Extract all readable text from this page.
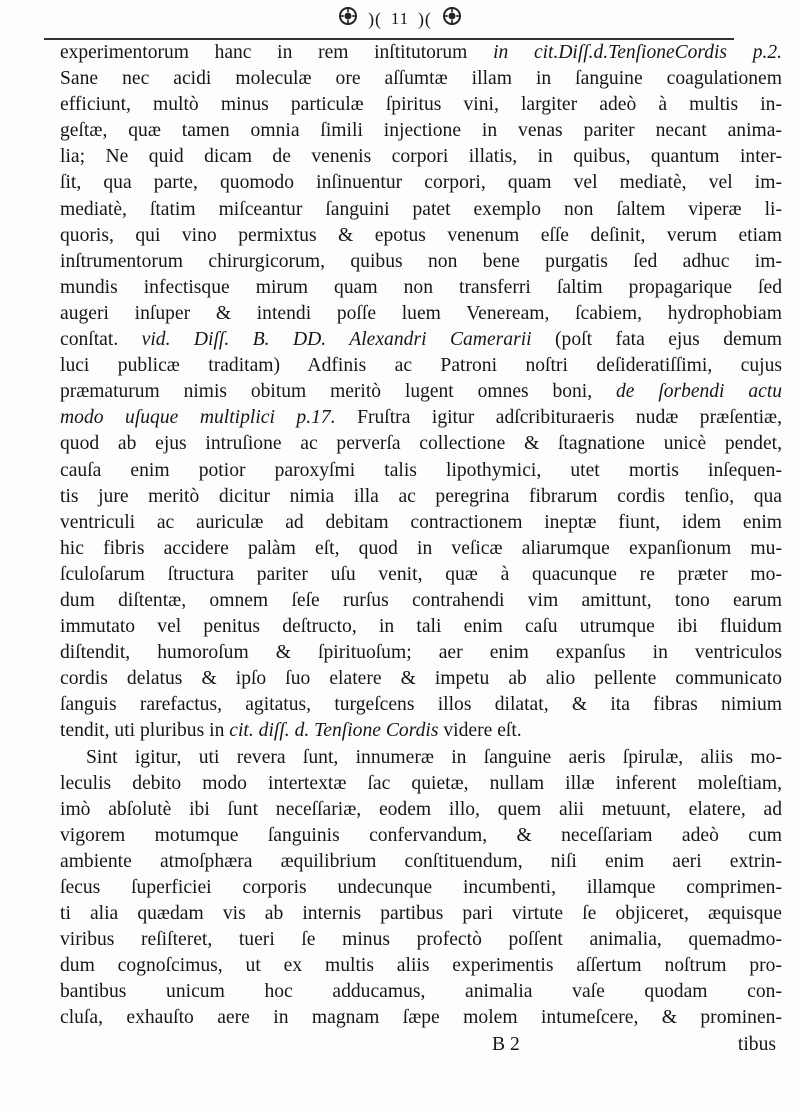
)( 11 )(
experimentorum hanc in rem inſtitutorum in cit.Diſſ.d.TenſioneCordis p.2.
Sane nec acidi moleculæ ore aſſumtæ illam in ſanguine coagulationem
efficiunt, multò minus particulæ ſpiritus vini, largiter adeò à multis in-
geſtæ, quæ tamen omnia ſimili injectione in venas pariter necant anima-
lia; Ne quid dicam de venenis corpori illatis, in quibus, quantum inter-
ſit, qua parte, quomodo inſinuentur corpori, quam vel mediatè, vel im-
mediatè, ſtatim miſceantur ſanguini patet exemplo non ſaltem viperæ li-
quoris, qui vino permixtus & epotus venenum eſſe deſinit, verum etiam
inſtrumentorum chirurgicorum, quibus non bene purgatis ſed adhuc im-
mundis infectisque mirum quam non transferri ſaltim propagarique ſed
augeri inſuper & intendi poſſe luem Veneream, ſcabiem, hydrophobiam
conſtat. vid. Diſſ. B. DD. Alexandri Camerarii (poſt fata ejus demum
luci publicæ traditam) Adfinis ac Patroni noſtri deſideratiſſimi, cujus
præmaturum nimis obitum meritò lugent omnes boni, de ſorbendi actu
modo uſuque multiplici p.17. Fruſtra igitur adſcribituraeris nudæ præſentiæ,
quod ab ejus intruſione ac perverſa collectione & ſtagnatione unicè pendet,
cauſa enim potior paroxyſmi talis lipothymici, utet mortis inſequen-
tis jure meritò dicitur nimia illa ac peregrina fibrarum cordis tenſio, qua
ventriculi ac auriculæ ad debitam contractionem ineptæ fiunt, idem enim
hic fibris accidere palàm eſt, quod in veſicæ aliarumque expanſionum mu-
ſculoſarum ſtructura pariter uſu venit, quæ à quacunque re præter mo-
dum diſtentæ, omnem ſeſe rurſus contrahendi vim amittunt, tono earum
immutato vel penitus deſtructo, in tali enim caſu utrumque ibi fluidum
diſtendit, humoroſum & ſpirituoſum; aer enim expanſus in ventriculos
cordis delatus & ipſo ſuo elatere & impetu ab alio pellente communicato
ſanguis rarefactus, agitatus, turgeſcens illos dilatat, & ita fibras nimium
tendit, uti pluribus in cit. diſſ. d. Tenſione Cordis videre eſt.
Sint igitur, uti revera ſunt, innumeræ in ſanguine aeris ſpirulæ, aliis mo-
leculis debito modo intertextæ ſac quietæ, nullam illæ inferent moleſtiam,
imò abſolutè ibi ſunt neceſſariæ, eodem illo, quem alii metuunt, elatere, ad
vigorem motumque ſanguinis confervandum, & neceſſariam adeò cum
ambiente atmoſphæra æquilibrium conſtituendum, niſi enim aeri extrin-
ſecus ſuperficiei corporis undecunque incumbenti, illamque comprimen-
ti alia quædam vis ab internis partibus pari virtute ſe objiceret, æquisque
viribus reſiſteret, tueri ſe minus profectò poſſent animalia, quemadmo-
dum cognoſcimus, ut ex multis aliis experimentis aſſertum noſtrum pro-
bantibus unicum hoc adducamus, animalia vaſe quodam con-
cluſa, exhauſto aere in magnam ſæpe molem intumeſcere, & prominen-
B 2	tibus
